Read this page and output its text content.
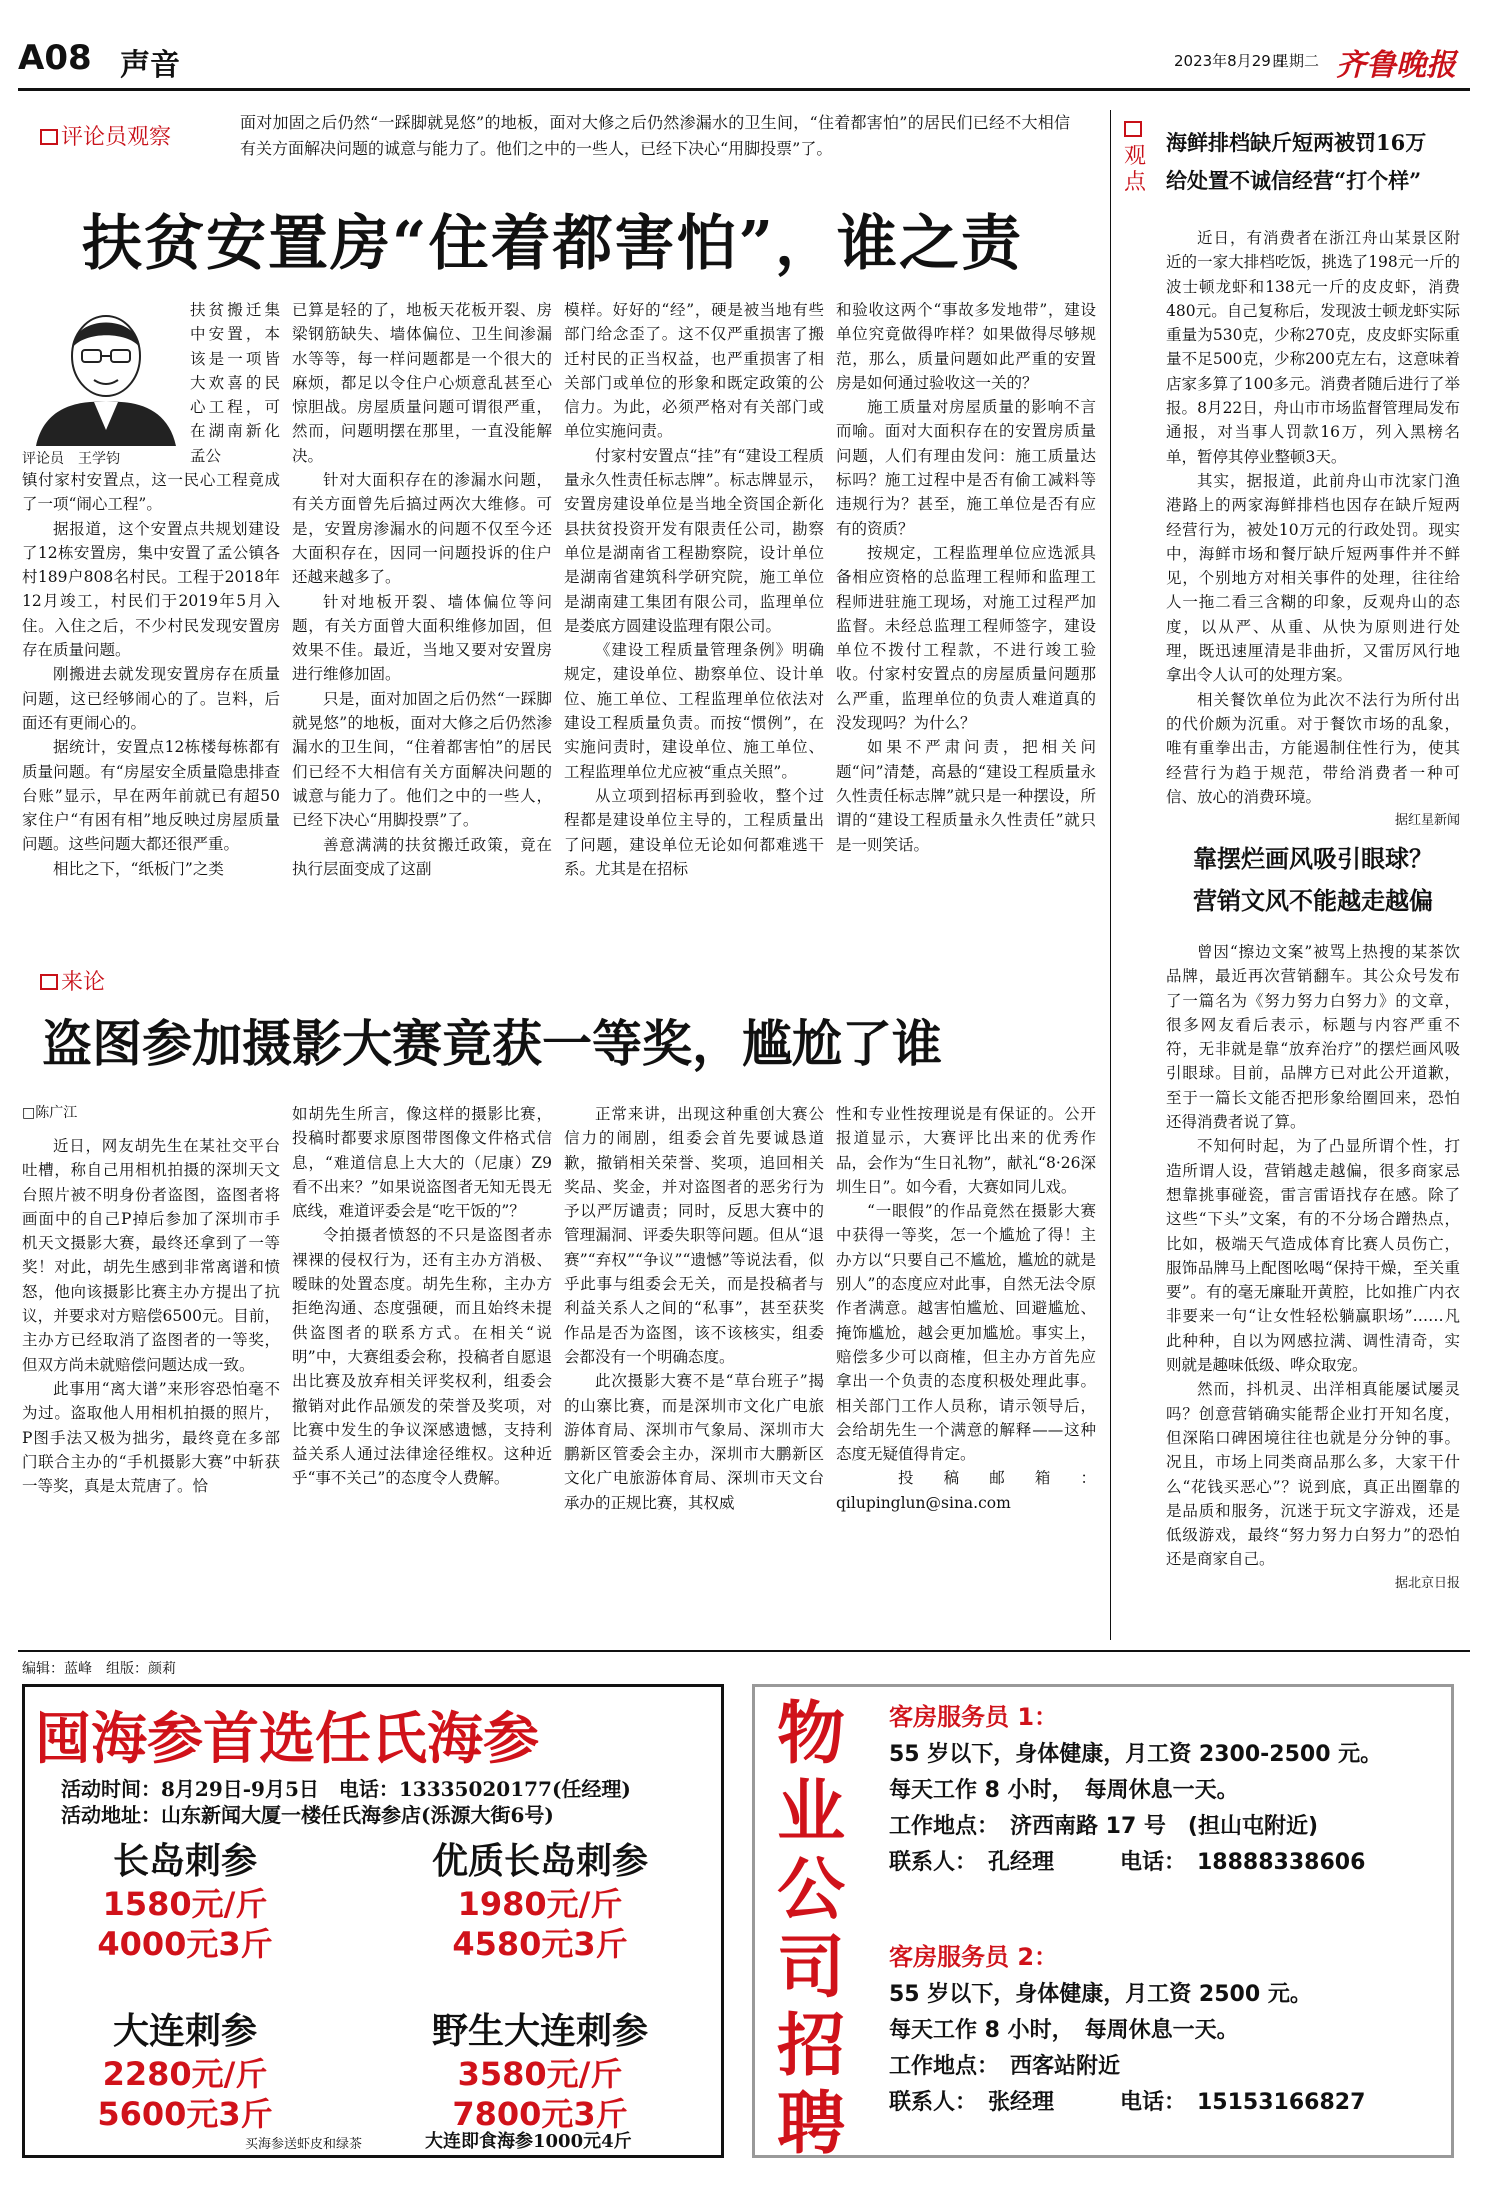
A08 声音	2023年8月29日
星期二 齐鲁晚报
评论员观察
面对加固之后仍然“一踩脚就晃悠”的地板，面对大修之后仍然渗漏水的卫生间，“住着都害怕”的居民们已经不大相信有关方面解决问题的诚意与能力了。他们之中的一些人，已经下决心“用脚投票”了。
扶贫安置房“住着都害怕”，谁之责
评论员　王学钧
扶贫搬迁集中安置，本该是一项皆大欢喜的民心工程，可在湖南新化孟公

镇付家村安置点，这一民心工程竟成了一项“闹心工程”。

据报道，这个安置点共规划建设了12栋安置房，集中安置了孟公镇各村189户808名村民。工程于2018年12月竣工，村民们于2019年5月入住。入住之后，不少村民发现安置房存在质量问题。

刚搬进去就发现安置房存在质量问题，这已经够闹心的了。岂料，后面还有更闹心的。

据统计，安置点12栋楼每栋都有质量问题。有“房屋安全质量隐患排查台账”显示，早在两年前就已有超50家住户“有困有相”地反映过房屋质量问题。这些问题大都还很严重。

相比之下，“纸板门”之类

已算是轻的了，地板天花板开裂、房梁钢筋缺失、墙体偏位、卫生间渗漏水等等，每一样问题都是一个很大的麻烦，都足以令住户心烦意乱甚至心惊胆战。房屋质量问题可谓很严重，然而，问题明摆在那里，一直没能解决。

针对大面积存在的渗漏水问题，有关方面曾先后搞过两次大维修。可是，安置房渗漏水的问题不仅至今还大面积存在，因同一问题投诉的住户还越来越多了。

针对地板开裂、墙体偏位等问题，有关方面曾大面积维修加固，但效果不佳。最近，当地又要对安置房进行维修加固。

只是，面对加固之后仍然“一踩脚就晃悠”的地板，面对大修之后仍然渗漏水的卫生间，“住着都害怕”的居民们已经不大相信有关方面解决问题的诚意与能力了。他们之中的一些人，已经下决心“用脚投票”了。

善意满满的扶贫搬迁政策，竟在执行层面变成了这副

模样。好好的“经”，硬是被当地有些部门给念歪了。这不仅严重损害了搬迁村民的正当权益，也严重损害了相关部门或单位的形象和既定政策的公信力。为此，必须严格对有关部门或单位实施问责。

付家村安置点“挂”有“建设工程质量永久性责任标志牌”。标志牌显示，安置房建设单位是当地全资国企新化县扶贫投资开发有限责任公司，勘察单位是湖南省工程勘察院，设计单位是湖南省建筑科学研究院，施工单位是湖南建工集团有限公司，监理单位是娄底方圆建设监理有限公司。

《建设工程质量管理条例》明确规定，建设单位、勘察单位、设计单位、施工单位、工程监理单位依法对建设工程质量负责。而按“惯例”，在实施问责时，建设单位、施工单位、工程监理单位尤应被“重点关照”。

从立项到招标再到验收，整个过程都是建设单位主导的，工程质量出了问题，建设单位无论如何都难逃干系。尤其是在招标

和验收这两个“事故多发地带”，建设单位究竟做得咋样？如果做得尽够规范，那么，质量问题如此严重的安置房是如何通过验收这一关的？

施工质量对房屋质量的影响不言而喻。面对大面积存在的安置房质量问题，人们有理由发问：施工质量达标吗？施工过程中是否有偷工减料等违规行为？甚至，施工单位是否有应有的资质？

按规定，工程监理单位应选派具备相应资格的总监理工程师和监理工程师进驻施工现场，对施工过程严加监督。未经总监理工程师签字，建设单位不拨付工程款，不进行竣工验收。付家村安置点的房屋质量问题那么严重，监理单位的负责人难道真的没发现吗？为什么？

如果不严肃问责，把相关问题“问”清楚，高悬的“建设工程质量永久性责任标志牌”就只是一种摆设，所谓的“建设工程质量永久性责任”就只是一则笑话。

来论
盗图参加摄影大赛竟获一等奖，尴尬了谁
□陈广江

近日，网友胡先生在某社交平台吐槽，称自己用相机拍摄的深圳天文台照片被不明身份者盗图，盗图者将画面中的自己P掉后参加了深圳市手机天文摄影大赛，最终还拿到了一等奖！对此，胡先生感到非常离谱和愤怒，他向该摄影比赛主办方提出了抗议，并要求对方赔偿6500元。目前，主办方已经取消了盗图者的一等奖，但双方尚未就赔偿问题达成一致。

此事用“离大谱”来形容恐怕毫不为过。盗取他人用相机拍摄的照片，P图手法又极为拙劣，最终竟在多部门联合主办的“手机摄影大赛”中斩获一等奖，真是太荒唐了。恰

如胡先生所言，像这样的摄影比赛，投稿时都要求原图带图像文件格式信息，“难道信息上大大的（尼康）Z9看不出来？”如果说盗图者无知无畏无底线，难道评委会是“吃干饭的”？

令拍摄者愤怒的不只是盗图者赤裸裸的侵权行为，还有主办方消极、暧昧的处置态度。胡先生称，主办方拒绝沟通、态度强硬，而且始终未提供盗图者的联系方式。在相关“说明”中，大赛组委会称，投稿者自愿退出比赛及放弃相关评奖权利，组委会撤销对此作品颁发的荣誉及奖项，对比赛中发生的争议深感遗憾，支持利益关系人通过法律途径维权。这种近乎“事不关己”的态度令人费解。

正常来讲，出现这种重创大赛公信力的闹剧，组委会首先要诚恳道歉，撤销相关荣誉、奖项，追回相关奖品、奖金，并对盗图者的恶劣行为予以严厉谴责；同时，反思大赛中的管理漏洞、评委失职等问题。但从“退赛”“弃权”“争议”“遗憾”等说法看，似乎此事与组委会无关，而是投稿者与利益关系人之间的“私事”，甚至获奖作品是否为盗图，该不该核实，组委会都没有一个明确态度。

此次摄影大赛不是“草台班子”揭的山寨比赛，而是深圳市文化广电旅游体育局、深圳市气象局、深圳市大鹏新区管委会主办，深圳市大鹏新区文化广电旅游体育局、深圳市天文台承办的正规比赛，其权威

性和专业性按理说是有保证的。公开报道显示，大赛评比出来的优秀作品，会作为“生日礼物”，献礼“8·26深圳生日”。如今看，大赛如同儿戏。

“一眼假”的作品竟然在摄影大赛中获得一等奖，怎一个尴尬了得！主办方以“只要自己不尴尬，尴尬的就是别人”的态度应对此事，自然无法令原作者满意。越害怕尴尬、回避尴尬、掩饰尴尬，越会更加尴尬。事实上，赔偿多少可以商榷，但主办方首先应拿出一个负责的态度积极处理此事。相关部门工作人员称，请示领导后，会给胡先生一个满意的解释——这种态度无疑值得肯定。

投稿邮箱：qilupinglun@sina.com

观点
海鲜排档缺斤短两被罚16万
给处置不诚信经营“打个样”

近日，有消费者在浙江舟山某景区附近的一家大排档吃饭，挑选了198元一斤的波士顿龙虾和138元一斤的皮皮虾，消费480元。自己复称后，发现波士顿龙虾实际重量为530克，少称270克，皮皮虾实际重量不足500克，少称200克左右，这意味着店家多算了100多元。消费者随后进行了举报。8月22日，舟山市市场监督管理局发布通报，对当事人罚款16万，列入黑榜名单，暂停其停业整顿3天。

其实，据报道，此前舟山市沈家门渔港路上的两家海鲜排档也因存在缺斤短两经营行为，被处10万元的行政处罚。现实中，海鲜市场和餐厅缺斤短两事件并不鲜见，个别地方对相关事件的处理，往往给人一拖二看三含糊的印象，反观舟山的态度，以从严、从重、从快为原则进行处理，既迅速厘清是非曲折，又雷厉风行地拿出令人认可的处理方案。

相关餐饮单位为此次不法行为所付出的代价颇为沉重。对于餐饮市场的乱象，唯有重拳出击，方能遏制住性行为，使其经营行为趋于规范，带给消费者一种可信、放心的消费环境。

据红星新闻

靠摆烂画风吸引眼球？
营销文风不能越走越偏

曾因“擦边文案”被骂上热搜的某茶饮品牌，最近再次营销翻车。其公众号发布了一篇名为《努力努力白努力》的文章，很多网友看后表示，标题与内容严重不符，无非就是靠“放弃治疗”的摆烂画风吸引眼球。目前，品牌方已对此公开道歉，至于一篇长文能否把形象给圈回来，恐怕还得消费者说了算。

不知何时起，为了凸显所谓个性，打造所谓人设，营销越走越偏，很多商家忌想靠挑事碰瓷，雷言雷语找存在感。除了这些“下头”文案，有的不分场合蹭热点，比如，极端天气造成体育比赛人员伤亡，服饰品牌马上配图吆喝“保持干燥，至关重要”。有的毫无廉耻开黄腔，比如推广内衣非要来一句“让女性轻松躺赢职场”……凡此种种，自以为网感拉满、调性清奇，实则就是趣味低级、哗众取宠。

然而，抖机灵、出洋相真能屡试屡灵吗？创意营销确实能帮企业打开知名度，但深陷口碑困境往往也就是分分钟的事。况且，市场上同类商品那么多，大家干什么“花钱买恶心”？说到底，真正出圈靠的是品质和服务，沉迷于玩文字游戏，还是低级游戏，最终“努力努力白努力”的恐怕还是商家自己。

据北京日报

编辑：蓝峰　组版：颜莉
囤海参首选任氏海参
活动时间：8月29日-9月5日　电话：13335020177(任经理)
活动地址：山东新闻大厦一楼任氏海参店(泺源大街6号)
长岛刺参
1580元/斤
4000元3斤
优质长岛刺参
1980元/斤
4580元3斤
大连刺参
2280元/斤
5600元3斤
野生大连刺参
3580元/斤
7800元3斤
买海参送虾皮和绿茶	大连即食海参1000元4斤
物业公司招聘
客房服务员 1：
55 岁以下，身体健康，月工资 2300-2500 元。
每天工作 8 小时，　每周休息一天。
工作地点：　济西南路 17 号　(担山屯附近)
联系人：　孔经理　　　电话：　18888338606
客房服务员 2：
55 岁以下，身体健康，月工资 2500 元。
每天工作 8 小时，　每周休息一天。
工作地点：　西客站附近
联系人：　张经理　　　电话：　15153166827
